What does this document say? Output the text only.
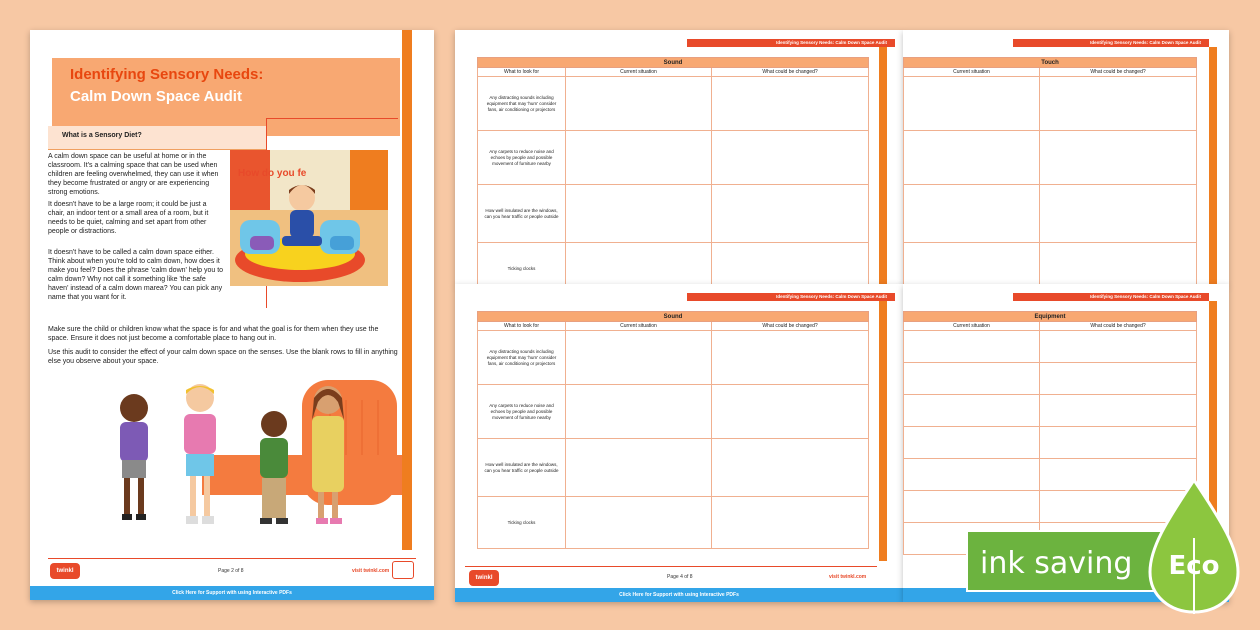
Identifying Sensory Needs:
Calm Down Space Audit
What is a Sensory Diet?
A calm down space can be useful at home or in the classroom. It's a calming space that can be used when children are feeling overwhelmed, they can use it when they become frustrated or angry or are experiencing strong emotions.
It doesn't have to be a large room; it could be just a chair, an indoor tent or a small area of a room, but it needs to be quiet, calming and set apart from other people or distractions.
It doesn't have to be called a calm down space either. Think about when you're told to calm down, how does it make you feel? Does the phrase 'calm down' help you to calm down? Why not call it something like 'the safe haven' instead of a calm down marea? You can pick any name that you want for it.
Make sure the child or children know what the space is for and what the goal is for them when they use the space. Ensure it does not just become a comfortable place to hang out in.
Use this audit to consider the effect of your calm down space on the senses. Use the blank rows to fill in anything else you observe about your space.
How do you fe
twinkl	Page 2 of 8	visit twinkl.com
Click Here for Support with using Interactive PDFs
Identifying Sensory Needs: Calm Down Space Audit
Sound		
What to look for	Current situation	What could be changed?
Any distracting sounds including equipment that may 'hum' consider fans, air conditioning or projectors		
Any carpets to reduce noise and echoes by people and possible movement of furniture nearby		
How well insulated are the windows, can you hear traffic or people outside		
Ticking clocks		
Identifying Sensory Needs: Calm Down Space Audit
Touch	
Current situation	What could be changed?

Identifying Sensory Needs: Calm Down Space Audit
Sound		
What to look for	Current situation	What could be changed?
Any distracting sounds including equipment that may 'hum' consider fans, air conditioning or projectors		
Any carpets to reduce noise and echoes by people and possible movement of furniture nearby		
How well insulated are the windows, can you hear traffic or people outside		
Ticking clocks		
twinkl	Page 4 of 8	visit twinkl.com
Click Here for Support with using Interactive PDFs
Identifying Sensory Needs: Calm Down Space Audit
Equipment	
Current situation	What could be changed?

ink saving Eco
